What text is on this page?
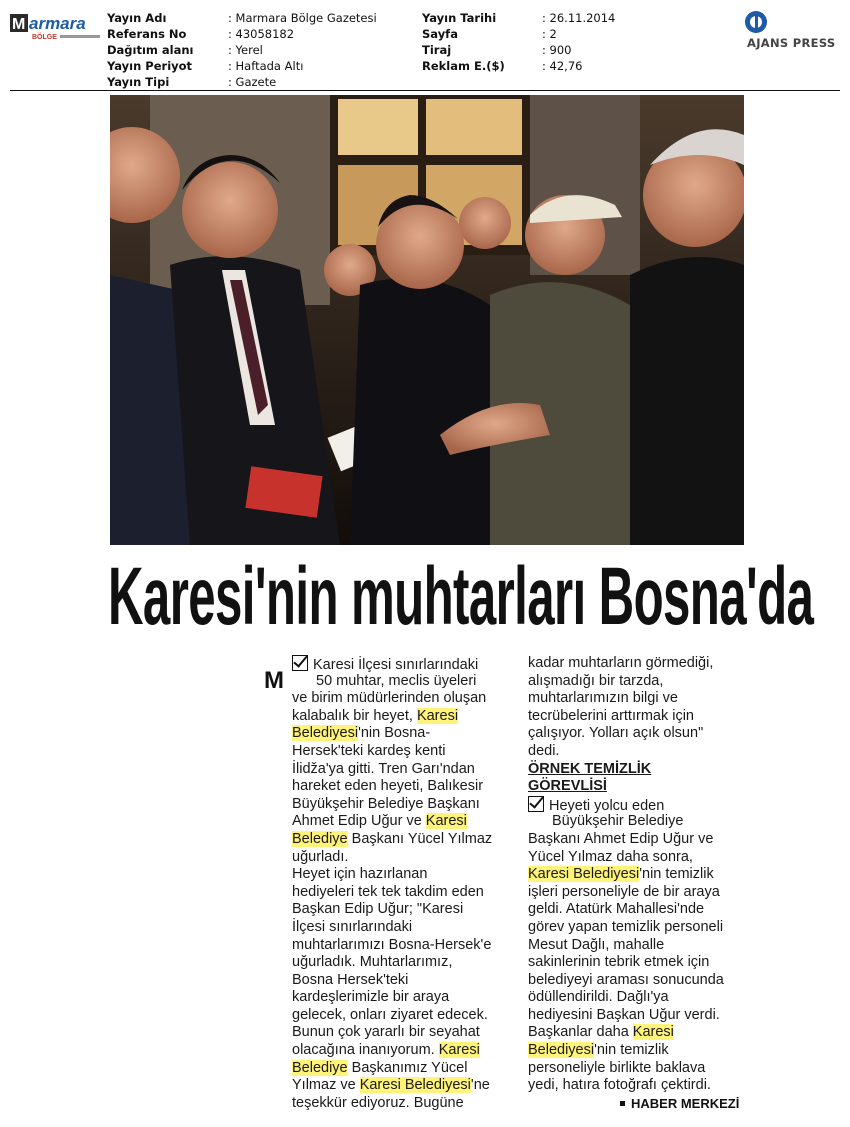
M armara
BÖLGE
Yayın Adı	: Marmara Bölge Gazetesi
Referans No	: 43058182
Dağıtım alanı	: Yerel
Yayın Periyot	: Haftada Altı
Yayın Tipi	: Gazete
Yayın Tarihi	: 26.11.2014
Sayfa	: 2
Tiraj	: 900
Reklam E.($)	: 42,76
AJANS PRESS
Karesi'nin muhtarları Bosna'da
M
Karesi İlçesi sınırlarındaki
50 muhtar, meclis üyeleri
ve birim müdürlerinden oluşan
kalabalık bir heyet, Karesi
Belediyesi'nin Bosna-
Hersek'teki kardeş kenti
İlidža'ya gitti. Tren Garı'ndan
hareket eden heyeti, Balıkesir
Büyükşehir Belediye Başkanı
Ahmet Edip Uğur ve Karesi
Belediye Başkanı Yücel Yılmaz
uğurladı.
Heyet için hazırlanan
hediyeleri tek tek takdim eden
Başkan Edip Uğur; "Karesi
İlçesi sınırlarındaki
muhtarlarımızı Bosna-Hersek'e
uğurladık. Muhtarlarımız,
Bosna Hersek'teki
kardeşlerimizle bir araya
gelecek, onları ziyaret edecek.
Bunun çok yararlı bir seyahat
olacağına inanıyorum. Karesi
Belediye Başkanımız Yücel
Yılmaz ve Karesi Belediyesi'ne
teşekkür ediyoruz. Bugüne
kadar muhtarların görmediği,
alışmadığı bir tarzda,
muhtarlarımızın bilgi ve
tecrübelerini arttırmak için
çalışıyor. Yolları açık olsun"
dedi.
ÖRNEK TEMİZLİK
GÖREVLİSİ
Heyeti yolcu eden
Büyükşehir Belediye
Başkanı Ahmet Edip Uğur ve
Yücel Yılmaz daha sonra,
Karesi Belediyesi'nin temizlik
işleri personeliyle de bir araya
geldi. Atatürk Mahallesi'nde
görev yapan temizlik personeli
Mesut Dağlı, mahalle
sakinlerinin tebrik etmek için
belediyeyi araması sonucunda
ödüllendirildi. Dağlı'ya
hediyesini Başkan Uğur verdi.
Başkanlar daha Karesi
Belediyesi'nin temizlik
personeliyle birlikte baklava
yedi, hatıra fotoğrafı çektirdi.
HABER MERKEZİ
